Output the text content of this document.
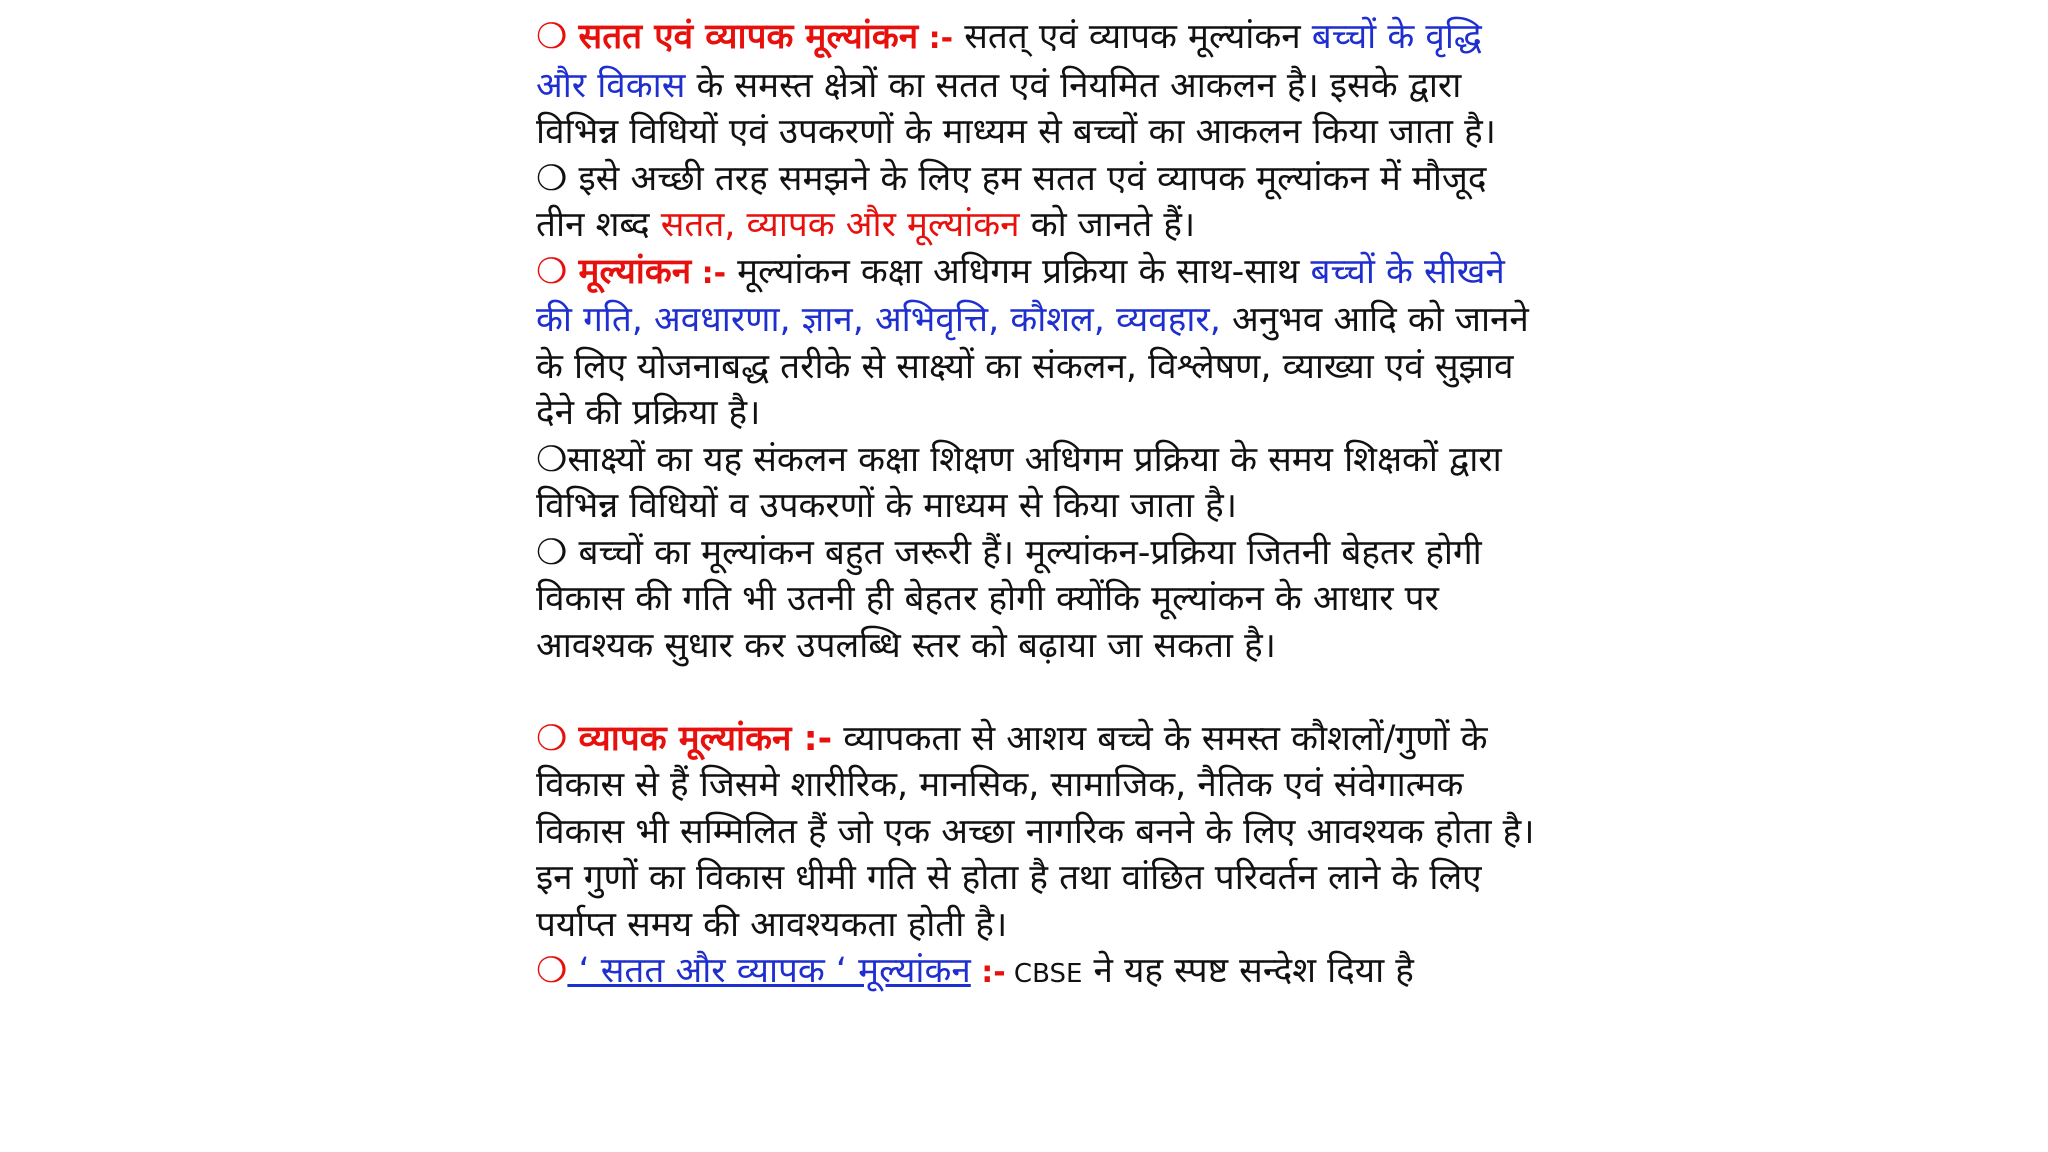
❍ सतत एवं व्यापक मूल्यांकन :- सतत् एवं व्यापक मूल्यांकन बच्चों के वृद्धि और विकास के समस्त क्षेत्रों का सतत एवं नियमित आकलन है। इसके द्वारा विभिन्न विधियों एवं उपकरणों के माध्यम से बच्चों का आकलन किया जाता है।

❍ इसे अच्छी तरह समझने के लिए हम सतत एवं व्यापक मूल्यांकन में मौजूद तीन शब्द सतत, व्यापक और मूल्यांकन को जानते हैं।

❍ मूल्यांकन :- मूल्यांकन कक्षा अधिगम प्रक्रिया के साथ-साथ बच्चों के सीखने की गति, अवधारणा, ज्ञान, अभिवृत्ति, कौशल, व्यवहार, अनुभव आदि को जानने के लिए योजनाबद्ध तरीके से साक्ष्यों का संकलन, विश्लेषण, व्याख्या एवं सुझाव देने की प्रक्रिया है।

❍साक्ष्यों का यह संकलन कक्षा शिक्षण अधिगम प्रक्रिया के समय शिक्षकों द्वारा विभिन्न विधियों व उपकरणों के माध्यम से किया जाता है।

❍ बच्चों का मूल्यांकन बहुत जरूरी हैं। मूल्यांकन-प्रक्रिया जितनी बेहतर होगी विकास की गति भी उतनी ही बेहतर होगी क्योंकि मूल्यांकन के आधार पर आवश्यक सुधार कर उपलब्धि स्तर को बढ़ाया जा सकता है।

❍ व्यापक मूल्यांकन :- व्यापकता से आशय बच्चे के समस्त कौशलों/गुणों के विकास से हैं जिसमे शारीरिक, मानसिक, सामाजिक, नैतिक एवं संवेगात्मक विकास भी सम्मिलित हैं जो एक अच्छा नागरिक बनने के लिए आवश्यक होता है। इन गुणों का विकास धीमी गति से होता है तथा वांछित परिवर्तन लाने के लिए पर्याप्त समय की आवश्यकता होती है।

❍ ‘ सतत और व्यापक ‘ मूल्यांकन :- CBSE ने यह स्पष्ट सन्देश दिया है
